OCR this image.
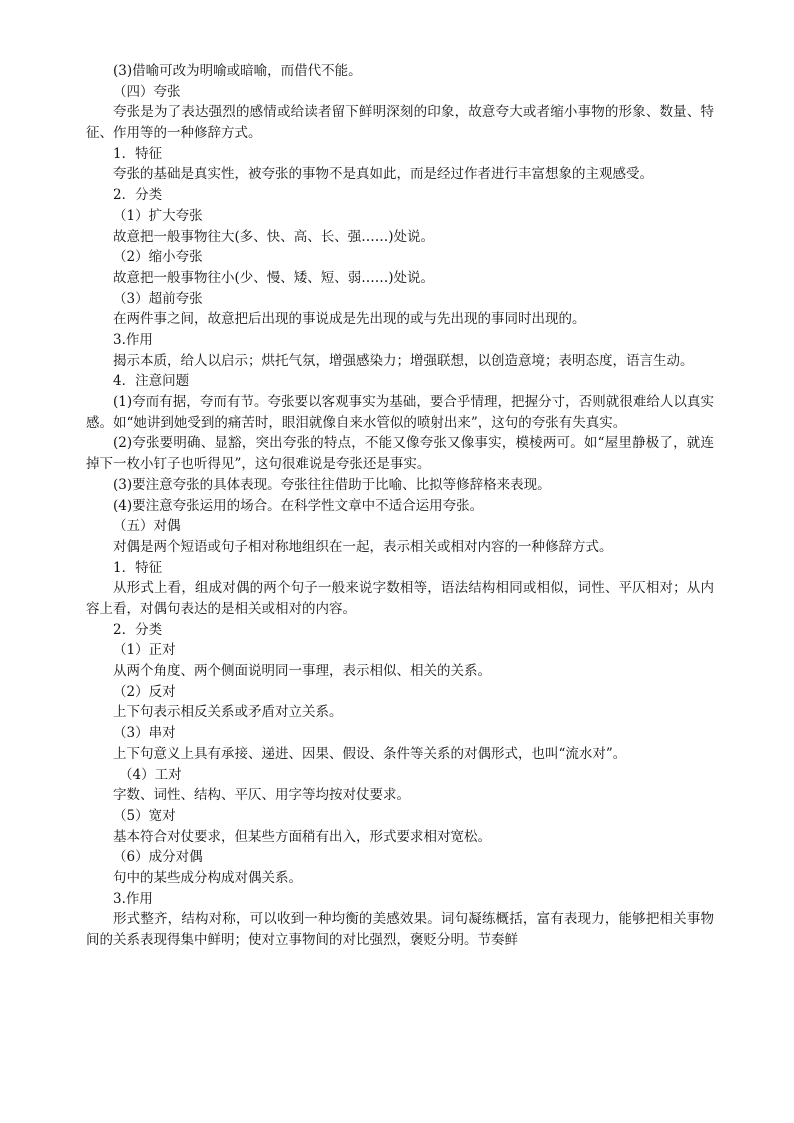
(3)借喻可改为明喻或暗喻，而借代不能。
（四）夸张
夸张是为了表达强烈的感情或给读者留下鲜明深刻的印象，故意夸大或者缩小事物的形象、数量、特征、作用等的一种修辞方式。
1．特征
夸张的基础是真实性，被夸张的事物不是真如此，而是经过作者进行丰富想象的主观感受。
2．分类
（1）扩大夸张
故意把一般事物往大(多、快、高、长、强……)处说。
（2）缩小夸张
故意把一般事物往小(少、慢、矮、短、弱……)处说。
（3）超前夸张
在两件事之间，故意把后出现的事说成是先出现的或与先出现的事同时出现的。
3.作用
揭示本质，给人以启示；烘托气氛，增强感染力；增强联想，以创造意境；表明态度，语言生动。
4．注意问题
(1)夸而有据，夸而有节。夸张要以客观事实为基础，要合乎情理，把握分寸，否则就很难给人以真实感。如“她讲到她受到的痛苦时，眼泪就像自来水管似的喷射出来”，这句的夸张有失真实。
(2)夸张要明确、显豁，突出夸张的特点，不能又像夸张又像事实，模棱两可。如“屋里静极了，就连掉下一枚小钉子也听得见”，这句很难说是夸张还是事实。
(3)要注意夸张的具体表现。夸张往往借助于比喻、比拟等修辞格来表现。
(4)要注意夸张运用的场合。在科学性文章中不适合运用夸张。
（五）对偶
对偶是两个短语或句子相对称地组织在一起，表示相关或相对内容的一种修辞方式。
1．特征
从形式上看，组成对偶的两个句子一般来说字数相等，语法结构相同或相似，词性、平仄相对；从内容上看，对偶句表达的是相关或相对的内容。
2．分类
（1）正对
从两个角度、两个侧面说明同一事理，表示相似、相关的关系。
（2）反对
上下句表示相反关系或矛盾对立关系。
（3）串对
上下句意义上具有承接、递进、因果、假设、条件等关系的对偶形式，也叫“流水对”。
（4）工对
字数、词性、结构、平仄、用字等均按对仗要求。
（5）宽对
基本符合对仗要求，但某些方面稍有出入，形式要求相对宽松。
（6）成分对偶
句中的某些成分构成对偶关系。
3.作用
形式整齐，结构对称，可以收到一种均衡的美感效果。词句凝练概括，富有表现力，能够把相关事物间的关系表现得集中鲜明；使对立事物间的对比强烈，褒贬分明。节奏鲜
